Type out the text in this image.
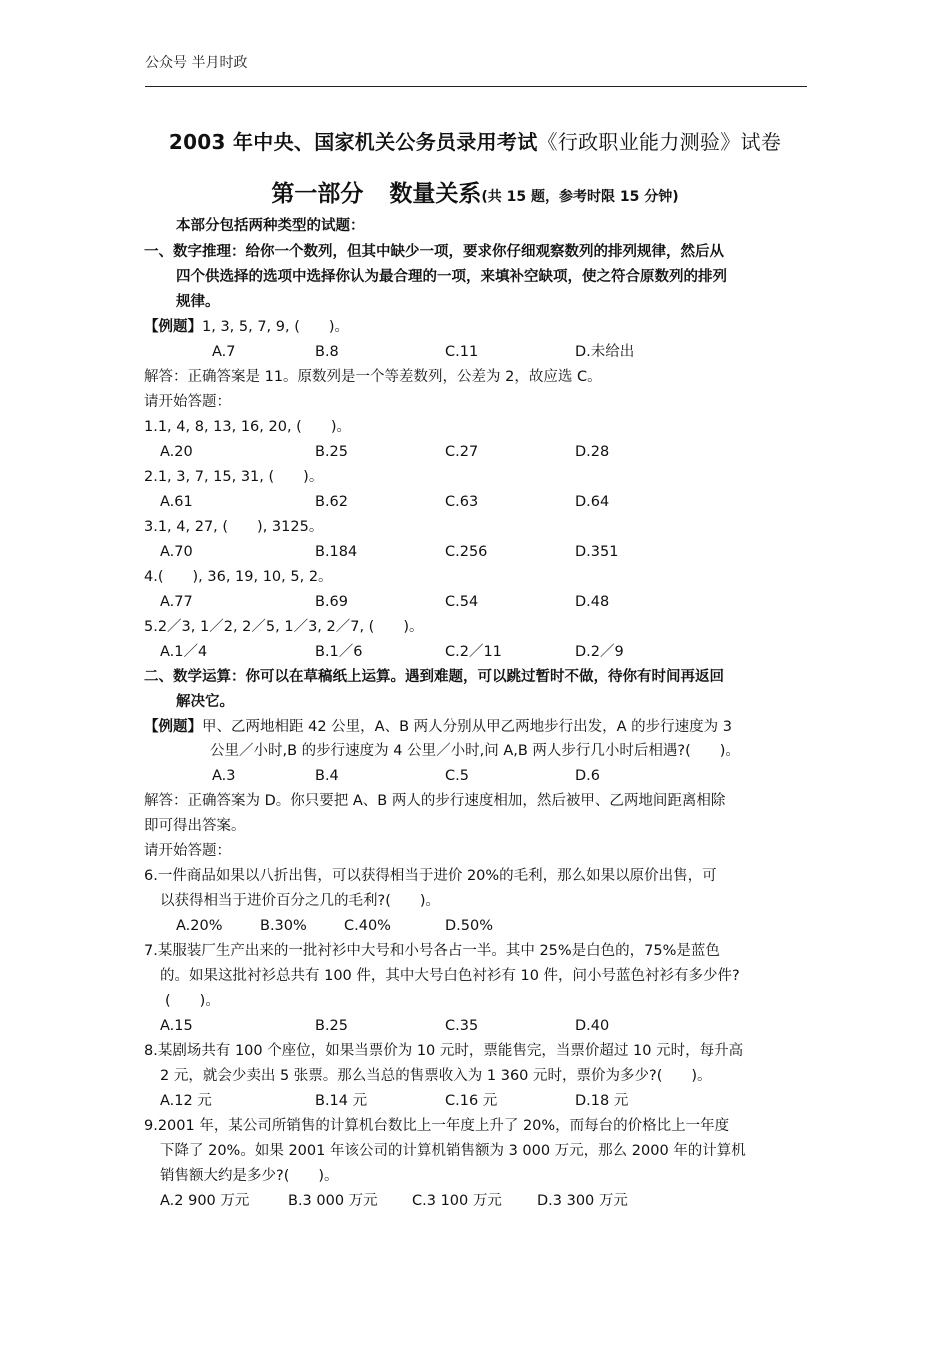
公众号 半月时政
2003 年中央、国家机关公务员录用考试《行政职业能力测验》试卷
第一部分 数量关系(共 15 题，参考时限 15 分钟)
本部分包括两种类型的试题：
一、数字推理：给你一个数列，但其中缺少一项，要求你仔细观察数列的排列规律，然后从
四个供选择的选项中选择你认为最合理的一项，来填补空缺项，使之符合原数列的排列
规律。
【例题】1, 3, 5, 7, 9, (　　)。
A.7	B.8	C.11	D.未给出
解答：正确答案是 11。原数列是一个等差数列，公差为 2，故应选 C。
请开始答题：
1.1, 4, 8, 13, 16, 20, (　　)。
A.20	B.25	C.27	D.28
2.1, 3, 7, 15, 31, (　　)。
A.61	B.62	C.63	D.64
3.1, 4, 27, (　　), 3125。
A.70	B.184	C.256	D.351
4.(　　), 36, 19, 10, 5, 2。
A.77	B.69	C.54	D.48
5.2／3, 1／2, 2／5, 1／3, 2／7, (　　)。
A.1／4	B.1／6	C.2／11	D.2／9
二、数学运算：你可以在草稿纸上运算。遇到难题，可以跳过暂时不做，待你有时间再返回
解决它。
【例题】甲、乙两地相距 42 公里，A、B 两人分别从甲乙两地步行出发，A 的步行速度为 3
公里／小时,B 的步行速度为 4 公里／小时,问 A,B 两人步行几小时后相遇?(　　)。
A.3	B.4	C.5	D.6
解答：正确答案为 D。你只要把 A、B 两人的步行速度相加，然后被甲、乙两地间距离相除
即可得出答案。
请开始答题：
6.一件商品如果以八折出售，可以获得相当于进价 20%的毛利，那么如果以原价出售，可
以获得相当于进价百分之几的毛利?(　　)。
A.20%	B.30%	C.40%	D.50%
7.某服装厂生产出来的一批衬衫中大号和小号各占一半。其中 25%是白色的，75%是蓝色
的。如果这批衬衫总共有 100 件，其中大号白色衬衫有 10 件，问小号蓝色衬衫有多少件?
(　　)。
A.15	B.25	C.35	D.40
8.某剧场共有 100 个座位，如果当票价为 10 元时，票能售完，当票价超过 10 元时，每升高
2 元，就会少卖出 5 张票。那么当总的售票收入为 1 360 元时，票价为多少?(　　)。
A.12 元	B.14 元	C.16 元	D.18 元
9.2001 年，某公司所销售的计算机台数比上一年度上升了 20%，而每台的价格比上一年度
下降了 20%。如果 2001 年该公司的计算机销售额为 3 000 万元，那么 2000 年的计算机
销售额大约是多少?(　　)。
A.2 900 万元	B.3 000 万元 C.3 100 万元 D.3 300 万元
